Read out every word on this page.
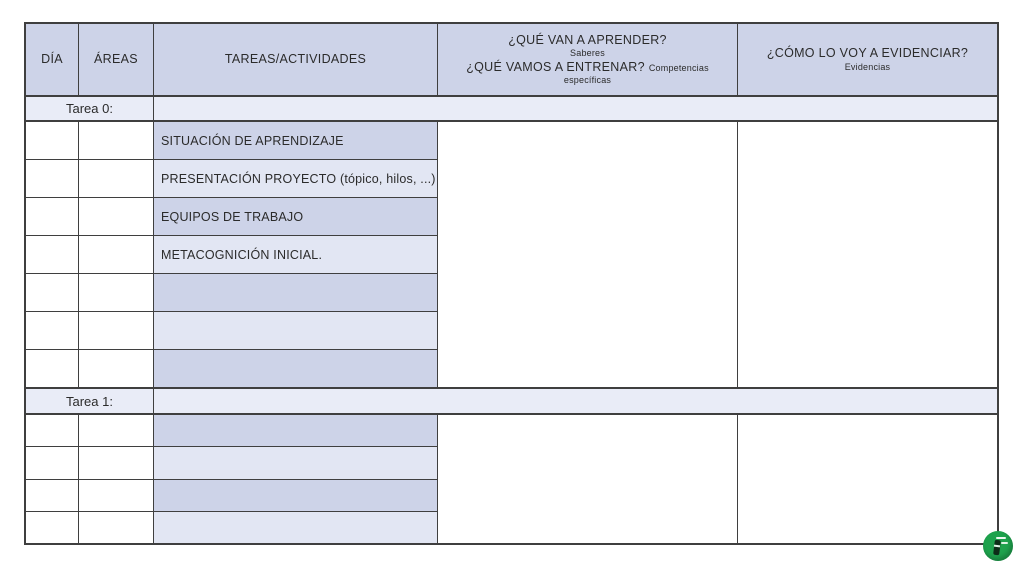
DÍA ÁREAS	TAREAS/ACTIVIDADES
¿QUÉ VAN A APRENDER?
Saberes
¿QUÉ VAMOS A ENTRENAR? Competencias
específicas
¿CÓMO LO VOY A EVIDENCIAR?
Evidencias
Tarea 0:
SITUACIÓN DE APRENDIZAJE
PRESENTACIÓN PROYECTO (tópico, hilos, ...)
EQUIPOS DE TRABAJO
METACOGNICIÓN INICIAL.
Tarea 1:
